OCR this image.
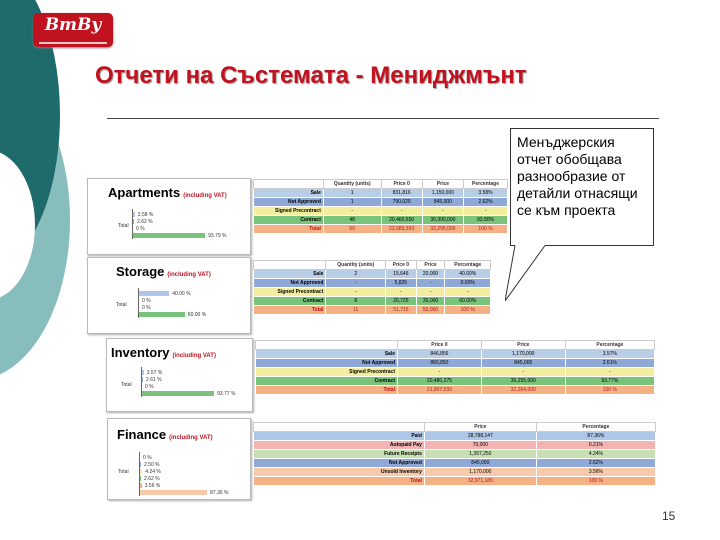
BmBy
Отчети на Състемата - Мениджмънт
Apartments (including VAT)
3.58 %
2.62 %
0 %
93.79 %
Total
	Quantity (units)	Price 0	Price	Percentage
Sale	1	831,816	1,150,000	3.58%
Not Approved	1	790,025	845,000	2.62%
Signed Precontract	-	-	-	-
Contract	48	20,460,650	30,300,000	93.80%
Total	50	22,083,393	32,295,000	100 %
Storage (including VAT)
40.00 %
0 %
0 %
60.00 %
Total
	Quantity (units)	Price 0	Price	Percentage
Sale	2	15,646	20,000	40.00%
Not Approved	-	5,825	-	0.00%
Signed Precontract	-	-	-	-
Contract	8	20,725	30,000	60.00%
Total	11	51,715	50,000	100 %
Inventory (including VAT)
3.57 %
2.61 %
0 %
93.77 %
Total
	Price 0	Price	Percentage
Sale	846,856	1,170,000	3.57%
Not Approved	880,850	845,000	2.61%
Signed Precontract	-	-	-
Contract	20,480,275	30,255,000	93.77%
Total	21,807,030	32,264,000	100 %
Finance (including VAT)
0 %
2.50 %
4.24 %
2.62 %
3.56 %
87.36 %
Total
	Price	Percentage
Paid	28,788,147	87.36%
Autopaid Pay	70,000	0.21%
Future Receipts	1,397,250	4.24%
Not Approved	845,000	2.62%
Unsold Inventory	1,170,000	3.56%
Total	32,971,186	100 %
Менъджерския отчет обобщава разнообразие от детайли отнасящи се към проекта
15
